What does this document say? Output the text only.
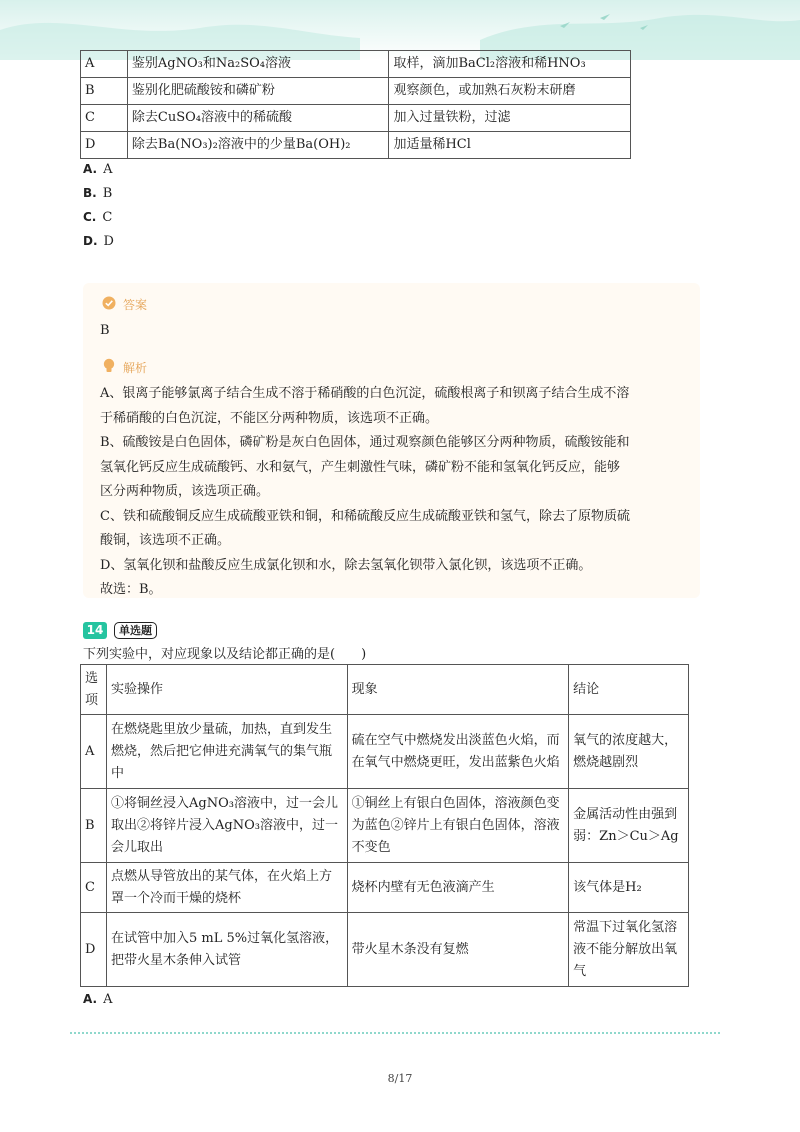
A	鉴别AgNO₃和Na₂SO₄溶液	取样，滴加BaCl₂溶液和稀HNO₃
B	鉴别化肥硫酸铵和磷矿粉	观察颜色，或加熟石灰粉末研磨
C	除去CuSO₄溶液中的稀硫酸	加入过量铁粉，过滤
D	除去Ba(NO₃)₂溶液中的少量Ba(OH)₂	加适量稀HCl
A. A
B. B
C. C
D. D
答案
B
解析
A、银离子能够氯离子结合生成不溶于稀硝酸的白色沉淀，硫酸根离子和钡离子结合生成不溶
于稀硝酸的白色沉淀，不能区分两种物质，该选项不正确。
B、硫酸铵是白色固体，磷矿粉是灰白色固体，通过观察颜色能够区分两种物质，硫酸铵能和
氢氧化钙反应生成硫酸钙、水和氨气，产生刺激性气味，磷矿粉不能和氢氧化钙反应，能够
区分两种物质，该选项正确。
C、铁和硫酸铜反应生成硫酸亚铁和铜，和稀硫酸反应生成硫酸亚铁和氢气，除去了原物质硫
酸铜，该选项不正确。
D、氢氧化钡和盐酸反应生成氯化钡和水，除去氢氧化钡带入氯化钡，该选项不正确。
故选：B。
14	单选题
下列实验中，对应现象以及结论都正确的是(　　)
选项	实验操作	现象	结论
A	在燃烧匙里放少量硫，加热，直到发生燃烧，然后把它伸进充满氧气的集气瓶中	硫在空气中燃烧发出淡蓝色火焰，而在氧气中燃烧更旺，发出蓝紫色火焰	氧气的浓度越大，燃烧越剧烈
B	①将铜丝浸入AgNO₃溶液中，过一会儿取出②将锌片浸入AgNO₃溶液中，过一会儿取出	①铜丝上有银白色固体，溶液颜色变为蓝色②锌片上有银白色固体，溶液不变色	金属活动性由强到弱：Zn＞Cu＞Ag
C	点燃从导管放出的某气体，在火焰上方罩一个冷而干燥的烧杯	烧杯内壁有无色液滴产生	该气体是H₂
D	在试管中加入5 mL 5%过氧化氢溶液，把带火星木条伸入试管	带火星木条没有复燃	常温下过氧化氢溶液不能分解放出氧气
A. A
8/17
